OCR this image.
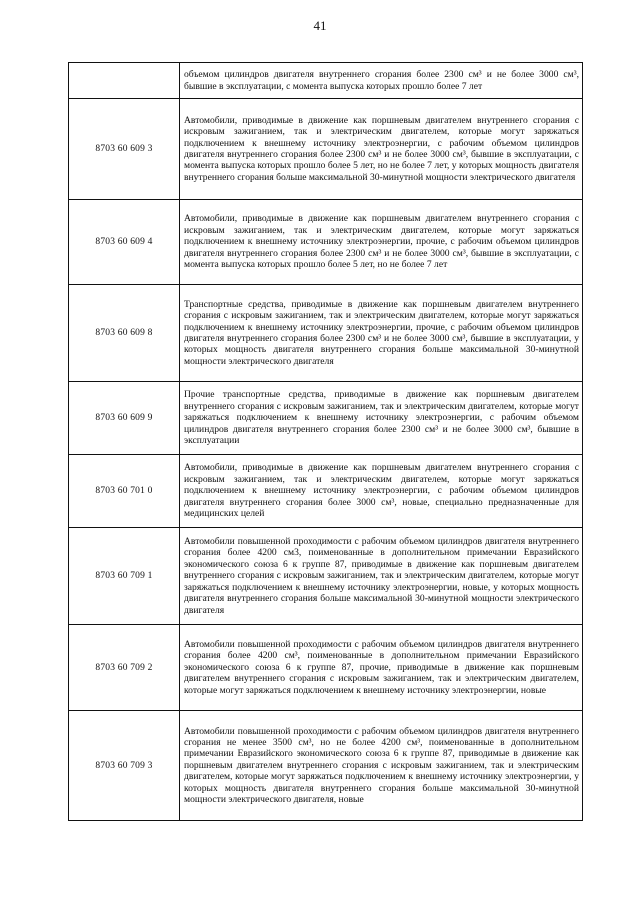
41
	объемом цилиндров двигателя внутреннего сгорания более 2300 см³ и не более 3000 см³, бывшие в эксплуатации, с момента выпуска которых прошло более 7 лет
8703 60 609 3	Автомобили, приводимые в движение как поршневым двигателем внутреннего сгорания с искровым зажиганием, так и электрическим двигателем, которые могут заряжаться подключением к внешнему источнику электроэнергии, с рабочим объемом цилиндров двигателя внутреннего сгорания более 2300 см³ и не более 3000 см³, бывшие в эксплуатации, с момента выпуска которых прошло более 5 лет, но не более 7 лет, у которых мощность двигателя внутреннего сгорания больше максимальной 30-минутной мощности электрического двигателя
8703 60 609 4	Автомобили, приводимые в движение как поршневым двигателем внутреннего сгорания с искровым зажиганием, так и электрическим двигателем, которые могут заряжаться подключением к внешнему источнику электроэнергии, прочие, с рабочим объемом цилиндров двигателя внутреннего сгорания более 2300 см³ и не более 3000 см³, бывшие в эксплуатации, с момента выпуска которых прошло более 5 лет, но не более 7 лет
8703 60 609 8	Транспортные средства, приводимые в движение как поршневым двигателем внутреннего сгорания с искровым зажиганием, так и электрическим двигателем, которые могут заряжаться подключением к внешнему источнику электроэнергии, прочие, с рабочим объемом цилиндров двигателя внутреннего сгорания более 2300 см³ и не более 3000 см³, бывшие в эксплуатации, у которых мощность двигателя внутреннего сгорания больше максимальной 30-минутной мощности электрического двигателя
8703 60 609 9	Прочие транспортные средства, приводимые в движение как поршневым двигателем внутреннего сгорания с искровым зажиганием, так и электрическим двигателем, которые могут заряжаться подключением к внешнему источнику электроэнергии, с рабочим объемом цилиндров двигателя внутреннего сгорания более 2300 см³ и не более 3000 см³, бывшие в эксплуатации
8703 60 701 0	Автомобили, приводимые в движение как поршневым двигателем внутреннего сгорания с искровым зажиганием, так и электрическим двигателем, которые могут заряжаться подключением к внешнему источнику электроэнергии, с рабочим объемом цилиндров двигателя внутреннего сгорания более 3000 см³, новые, специально предназначенные для медицинских целей
8703 60 709 1	Автомобили повышенной проходимости с рабочим объемом цилиндров двигателя внутреннего сгорания более 4200 см3, поименованные в дополнительном примечании Евразийского экономического союза 6 к группе 87, приводимые в движение как поршневым двигателем внутреннего сгорания с искровым зажиганием, так и электрическим двигателем, которые могут заряжаться подключением к внешнему источнику электроэнергии, новые, у которых мощность двигателя внутреннего сгорания больше максимальной 30-минутной мощности электрического двигателя
8703 60 709 2	Автомобили повышенной проходимости с рабочим объемом цилиндров двигателя внутреннего сгорания более 4200 см³, поименованные в дополнительном примечании Евразийского экономического союза 6 к группе 87, прочие, приводимые в движение как поршневым двигателем внутреннего сгорания с искровым зажиганием, так и электрическим двигателем, которые могут заряжаться подключением к внешнему источнику электроэнергии, новые
8703 60 709 3	Автомобили повышенной проходимости с рабочим объемом цилиндров двигателя внутреннего сгорания не менее 3500 см³, но не более 4200 см³, поименованные в дополнительном примечании Евразийского экономического союза 6 к группе 87, приводимые в движение как поршневым двигателем внутреннего сгорания с искровым зажиганием, так и электрическим двигателем, которые могут заряжаться подключением к внешнему источнику электроэнергии, у которых мощность двигателя внутреннего сгорания больше максимальной 30-минутной мощности электрического двигателя, новые
